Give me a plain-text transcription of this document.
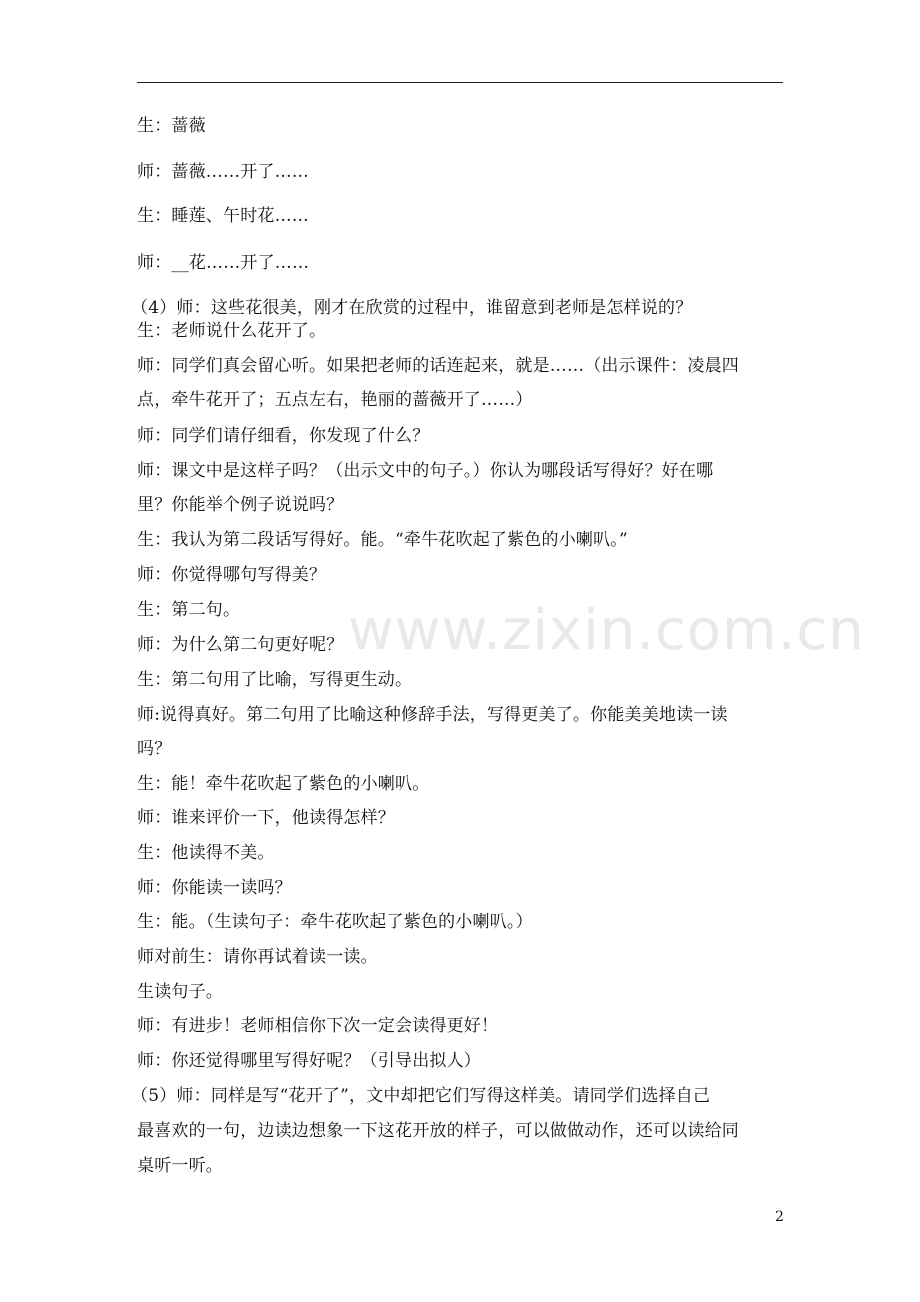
www.zixin.com.cn
生：蔷薇
师：蔷薇……开了……
生：睡莲、午时花……
师：__花……开了……
（4）师：这些花很美，刚才在欣赏的过程中，谁留意到老师是怎样说的？
生：老师说什么花开了。
师：同学们真会留心听。如果把老师的话连起来，就是……（出示课件：凌晨四
点，牵牛花开了；五点左右，艳丽的蔷薇开了……）
师：同学们请仔细看，你发现了什么？
师：课文中是这样子吗？（出示文中的句子。）你认为哪段话写得好？好在哪
里？你能举个例子说说吗？
生：我认为第二段话写得好。能。“牵牛花吹起了紫色的小喇叭。”
师：你觉得哪句写得美？
生：第二句。
师：为什么第二句更好呢？
生：第二句用了比喻，写得更生动。
师:说得真好。第二句用了比喻这种修辞手法，写得更美了。你能美美地读一读
吗？
生：能！牵牛花吹起了紫色的小喇叭。
师：谁来评价一下，他读得怎样？
生：他读得不美。
师：你能读一读吗？
生：能。（生读句子：牵牛花吹起了紫色的小喇叭。）
师对前生：请你再试着读一读。
生读句子。
师：有进步！老师相信你下次一定会读得更好！
师：你还觉得哪里写得好呢？（引导出拟人）
（5）师：同样是写“花开了”，文中却把它们写得这样美。请同学们选择自己
最喜欢的一句，边读边想象一下这花开放的样子，可以做做动作，还可以读给同
桌听一听。
2
